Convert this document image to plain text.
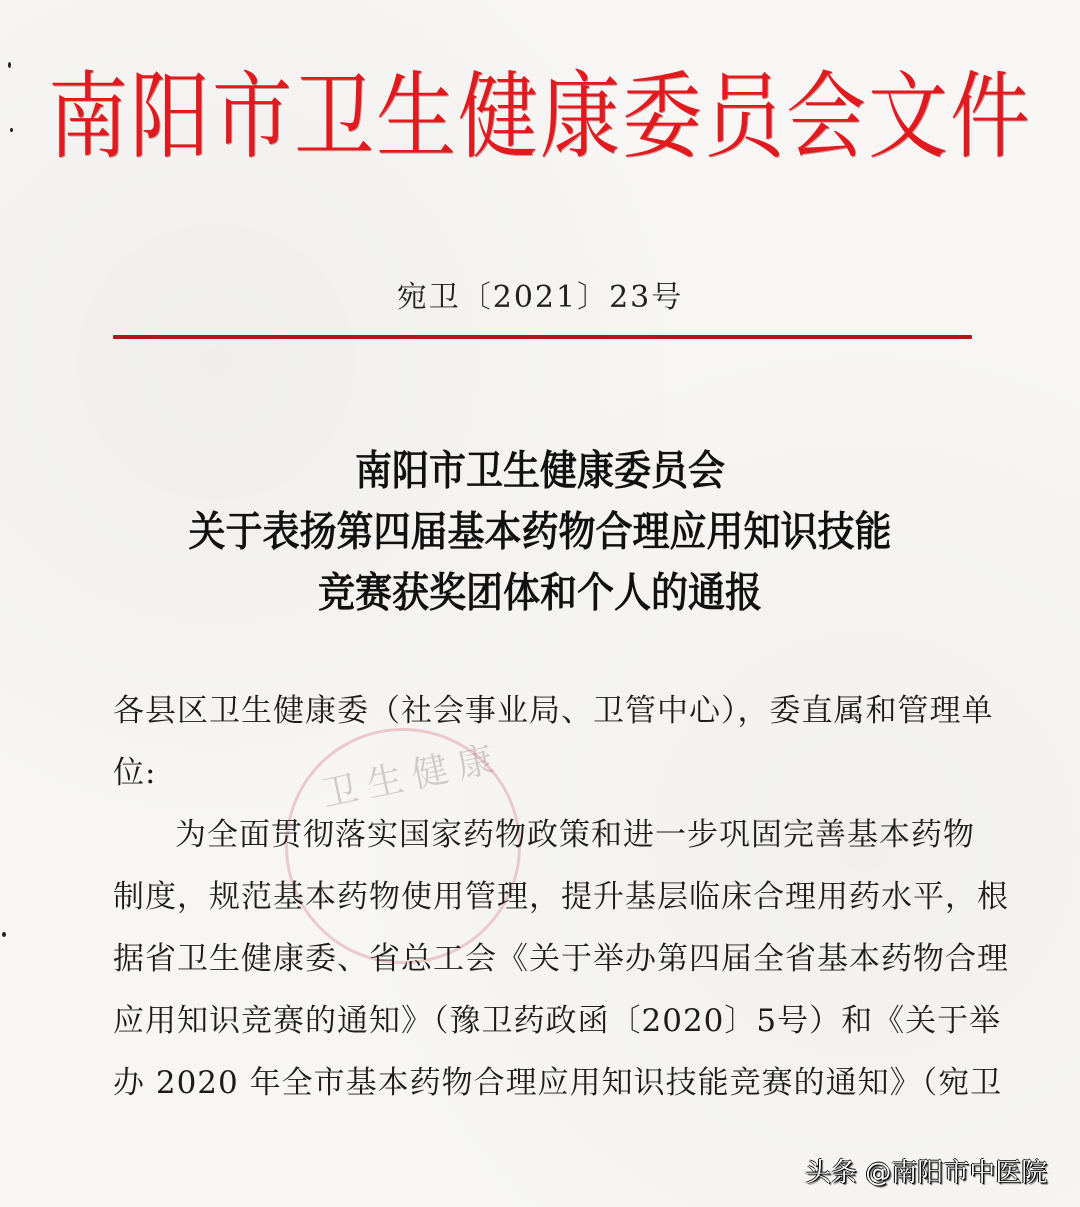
南阳市卫生健康委员会文件
宛卫〔2021〕23号
南阳市卫生健康委员会
关于表扬第四届基本药物合理应用知识技能
竞赛获奖团体和个人的通报
卫生健康
各县区卫生健康委（社会事业局、卫管中心），委直属和管理单
位:
为全面贯彻落实国家药物政策和进一步巩固完善基本药物
制度，规范基本药物使用管理，提升基层临床合理用药水平，根
据省卫生健康委、省总工会《关于举办第四届全省基本药物合理
应用知识竞赛的通知》（豫卫药政函〔2020〕5号）和《关于举
办 2020 年全市基本药物合理应用知识技能竞赛的通知》（宛卫
头条 @南阳市中医院
